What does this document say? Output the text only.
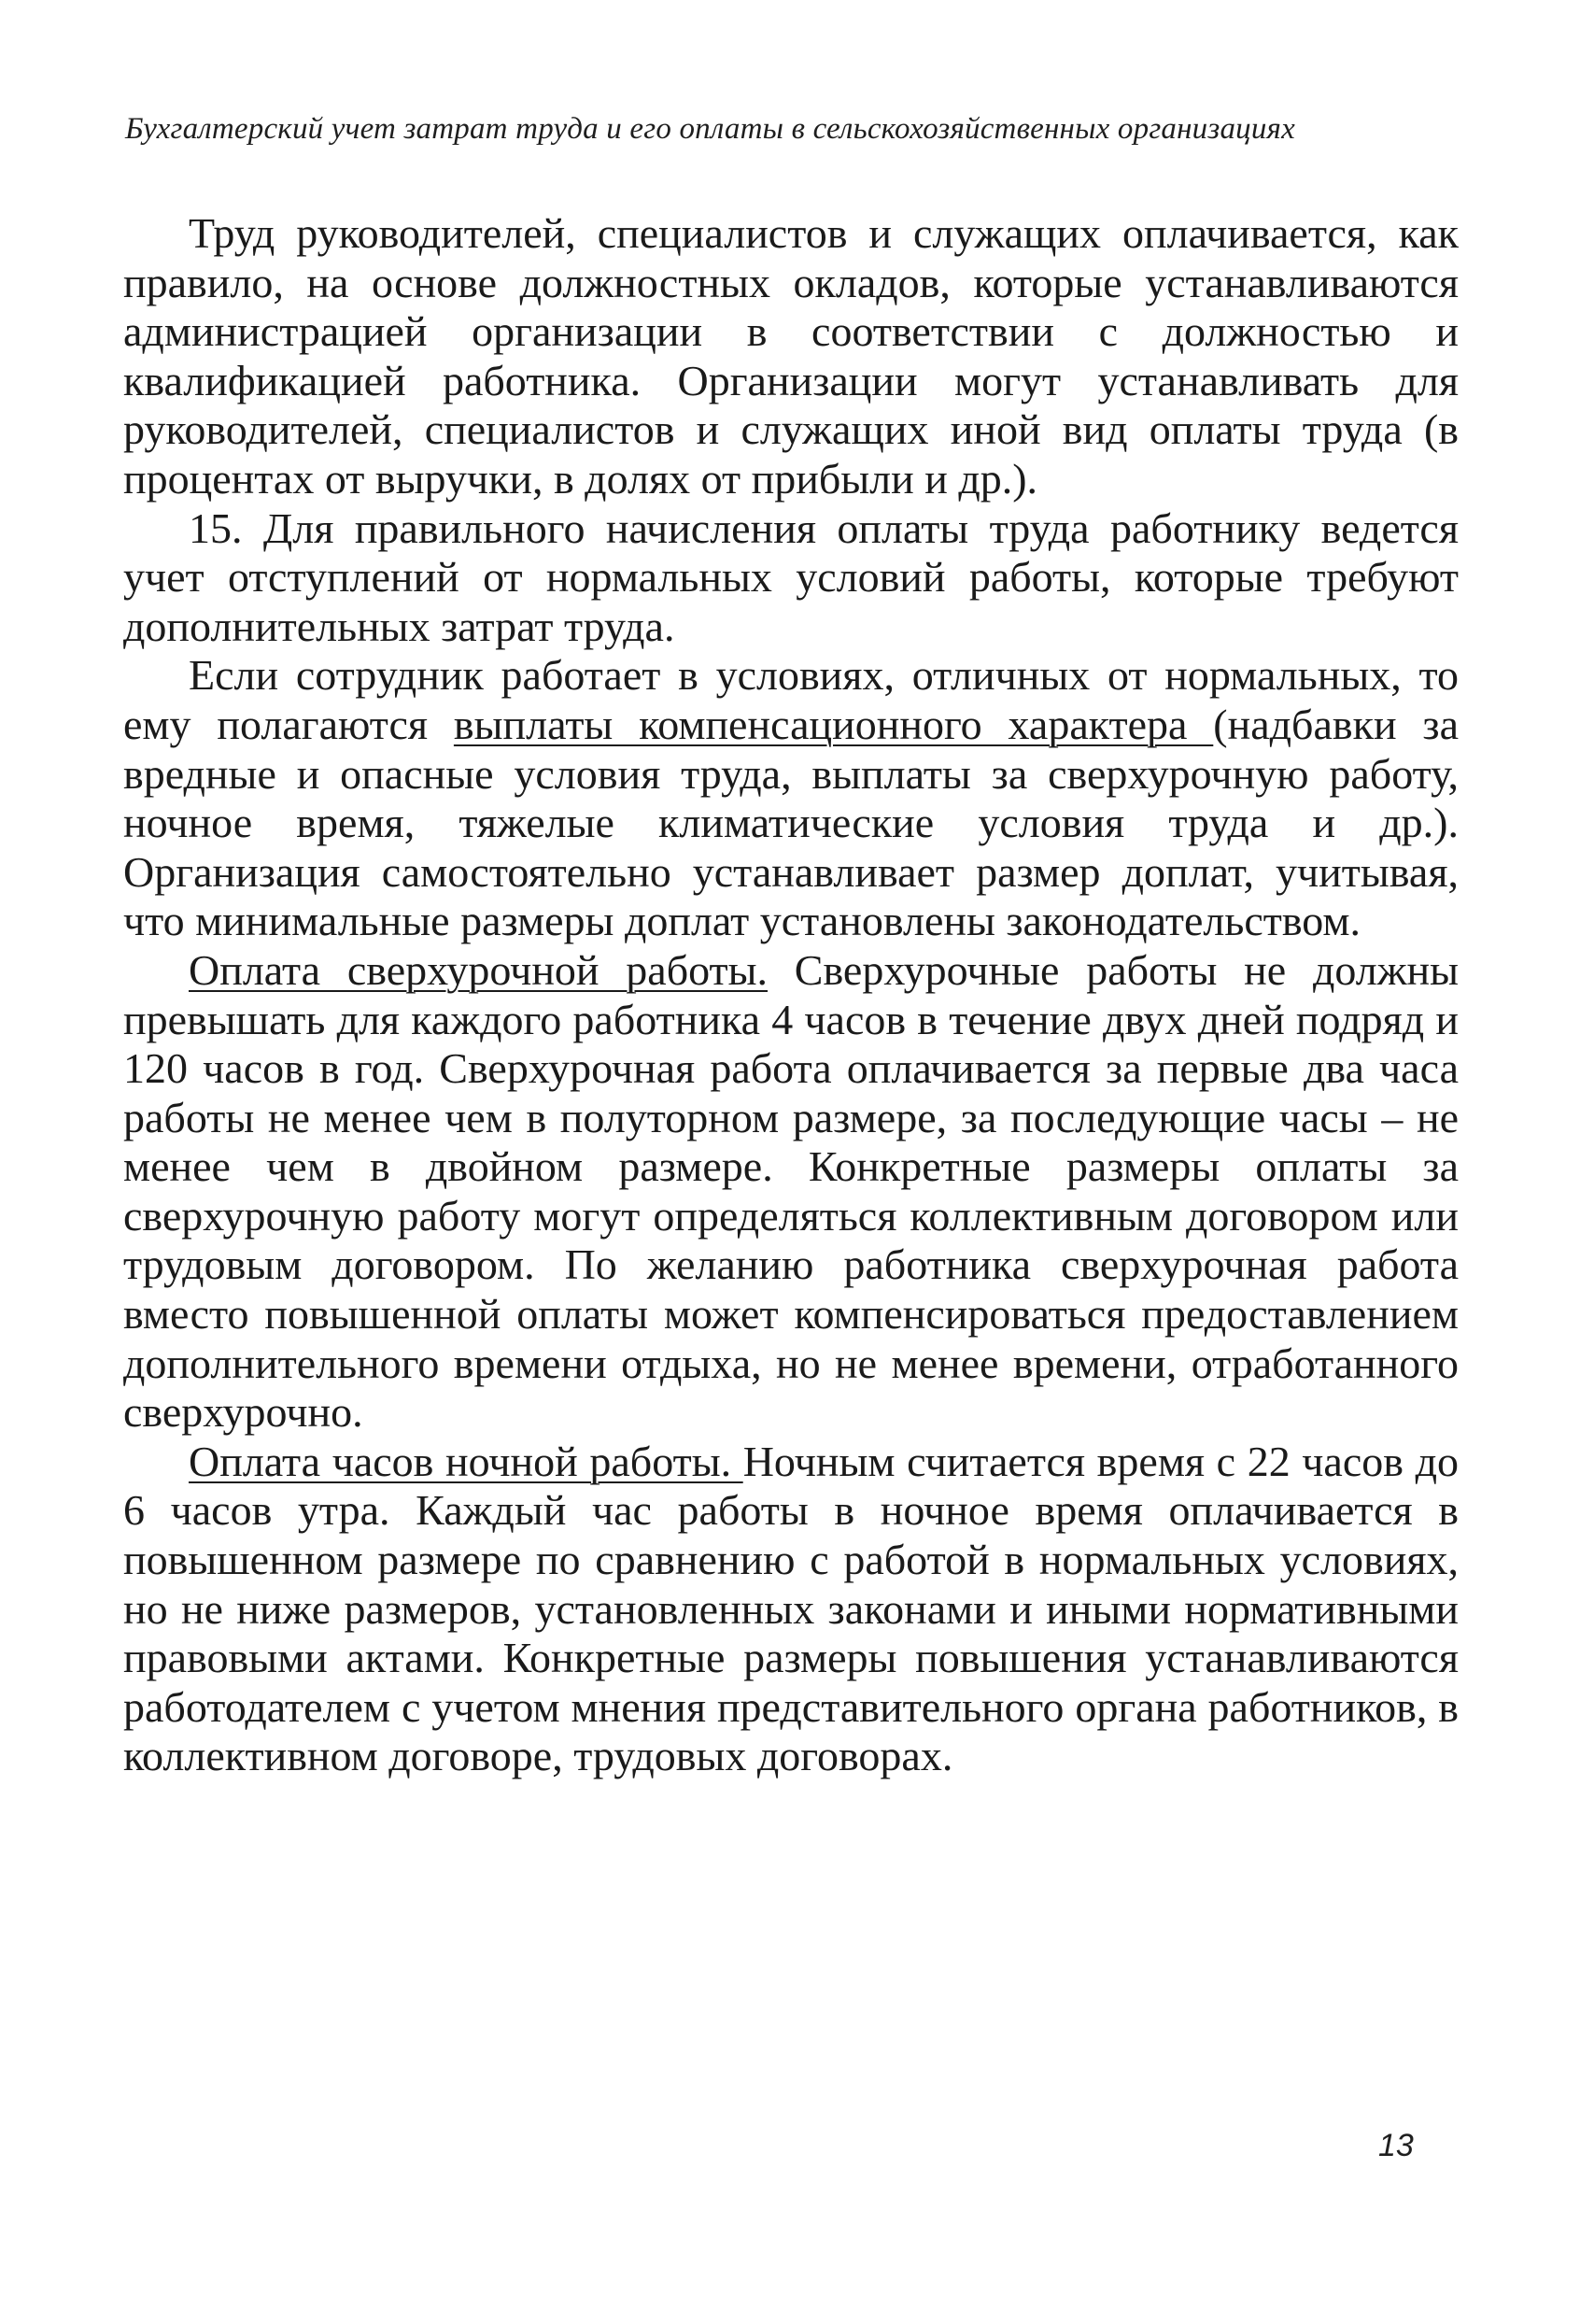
Бухгалтерский учет затрат труда и его оплаты в сельскохозяйственных организациях

Труд руководителей, специалистов и служащих оплачивается, как правило, на основе должностных окладов, которые устанавливаются администрацией организации в соответствии с должностью и квалификацией работника. Организации могут устанавливать для руководителей, специалистов и служащих иной вид оплаты труда (в процентах от выручки, в долях от прибыли и др.).

15. Для правильного начисления оплаты труда работнику ведется учет отступлений от нормальных условий работы, которые требуют дополнительных затрат труда.

Если сотрудник работает в условиях, отличных от нормальных, то ему полагаются выплаты компенсационного характера (надбавки за вредные и опасные условия труда, выплаты за сверхурочную работу, ночное время, тяжелые климатические условия труда и др.). Организация самостоятельно устанавливает размер доплат, учитывая, что минимальные размеры доплат установлены законодательством.

Оплата сверхурочной работы. Сверхурочные работы не должны превышать для каждого работника 4 часов в течение двух дней подряд и 120 часов в год. Сверхурочная работа оплачивается за первые два часа работы не менее чем в полуторном размере, за последующие часы – не менее чем в двойном размере. Конкретные размеры оплаты за сверхурочную работу могут определяться коллективным договором или трудовым договором. По желанию работника сверхурочная работа вместо повышенной оплаты может компенсироваться предоставлением дополнительного времени отдыха, но не менее времени, отработанного сверхурочно.

Оплата часов ночной работы. Ночным считается время с 22 часов до 6 часов утра. Каждый час работы в ночное время оплачивается в повышенном размере по сравнению с работой в нормальных условиях, но не ниже размеров, установленных законами и иными нормативными правовыми актами. Конкретные размеры повышения устанавливаются работодателем с учетом мнения представительного органа работников, в коллективном договоре, трудовых договорах.

13
